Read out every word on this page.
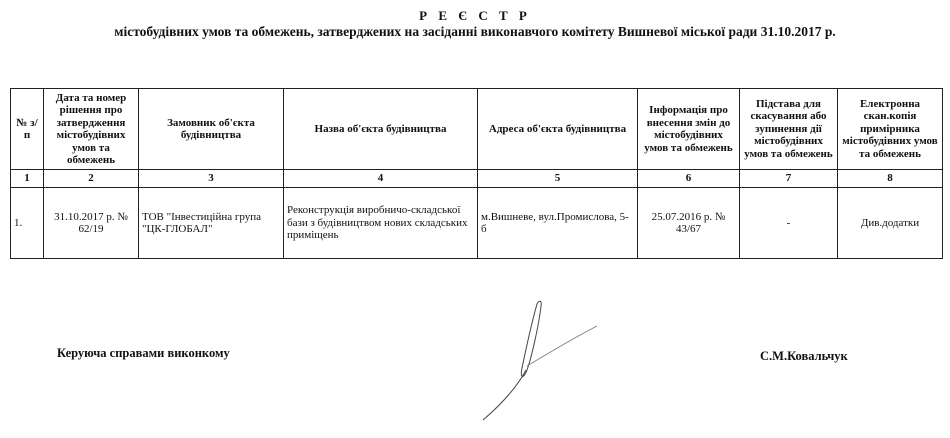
Р Е Є С Т Р
містобудівних умов та обмежень, затверджених на засіданні виконавчого комітету Вишневої міської ради 31.10.2017 р.
№ з/п	Дата та номер рішення про затвердження містобудівних умов та обмежень	Замовник об'єкта будівництва	Назва об'єкта будівництва	Адреса об'єкта будівництва	Інформація про внесення змін до містобудівних умов та обмежень	Підстава для скасування або зупинення дії містобудівних умов та обмежень	Електронна скан.копія примірника містобудівних умов та обмежень
1	2	3	4	5	6	7	8
1.	31.10.2017 р. № 62/19	ТОВ "Інвестиційна група "ЦК-ГЛОБАЛ"	Реконструкція виробничо-складської бази з будівництвом нових складських приміщень	м.Вишневе, вул.Промислова, 5-б	25.07.2016 р. № 43/67	-	Див.додатки
Керуюча справами виконкому	С.М.Ковальчук
